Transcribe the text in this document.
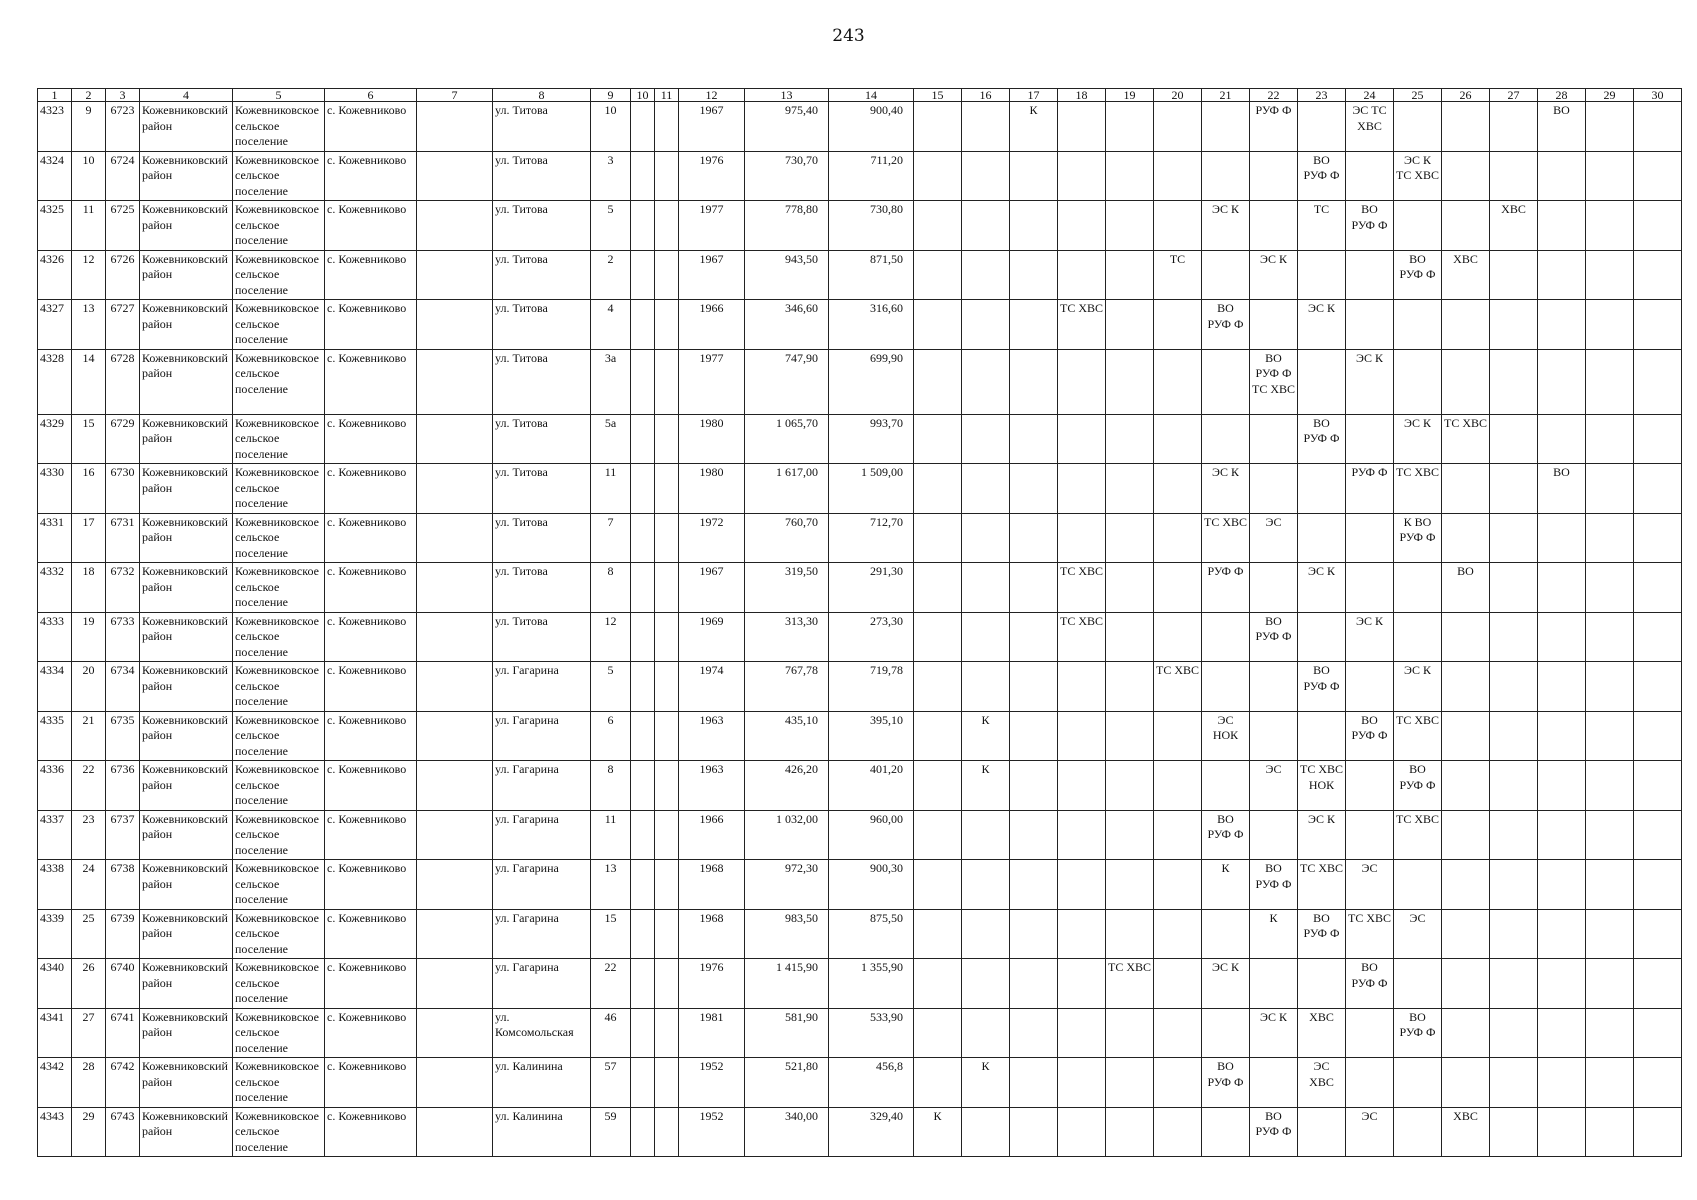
243
1	2	3	4	5	6	7	8	9	10	11	12	13	14	15	16	17	18	19	20	21	22	23	24	25	26	27	28	29	30
4323	9	6723	Кожевниковский район	Кожевниковское сельское поселение	с. Кожевниково		ул. Титова	10			1967	975,40	900,40			К					РУФ Ф		ЭС ТС ХВС				ВО		
4324	10	6724	Кожевниковский район	Кожевниковское сельское поселение	с. Кожевниково		ул. Титова	3			1976	730,70	711,20									ВО РУФ Ф		ЭС К ТС ХВС					
4325	11	6725	Кожевниковский район	Кожевниковское сельское поселение	с. Кожевниково		ул. Титова	5			1977	778,80	730,80							ЭС К		ТС	ВО РУФ Ф			ХВС			
4326	12	6726	Кожевниковский район	Кожевниковское сельское поселение	с. Кожевниково		ул. Титова	2			1967	943,50	871,50						ТС		ЭС К			ВО РУФ Ф	ХВС				
4327	13	6727	Кожевниковский район	Кожевниковское сельское поселение	с. Кожевниково		ул. Титова	4			1966	346,60	316,60				ТС ХВС			ВО РУФ Ф		ЭС К							
4328	14	6728	Кожевниковский район	Кожевниковское сельское поселение	с. Кожевниково		ул. Титова	3а			1977	747,90	699,90								ВО РУФ Ф ТС ХВС		ЭС К						
4329	15	6729	Кожевниковский район	Кожевниковское сельское поселение	с. Кожевниково		ул. Титова	5а			1980	1 065,70	993,70									ВО РУФ Ф		ЭС К	ТС ХВС				
4330	16	6730	Кожевниковский район	Кожевниковское сельское поселение	с. Кожевниково		ул. Титова	11			1980	1 617,00	1 509,00							ЭС К			РУФ Ф	ТС ХВС			ВО		
4331	17	6731	Кожевниковский район	Кожевниковское сельское поселение	с. Кожевниково		ул. Титова	7			1972	760,70	712,70							ТС ХВС	ЭС			К ВО РУФ Ф					
4332	18	6732	Кожевниковский район	Кожевниковское сельское поселение	с. Кожевниково		ул. Титова	8			1967	319,50	291,30				ТС ХВС			РУФ Ф		ЭС К			ВО				
4333	19	6733	Кожевниковский район	Кожевниковское сельское поселение	с. Кожевниково		ул. Титова	12			1969	313,30	273,30				ТС ХВС				ВО РУФ Ф		ЭС К						
4334	20	6734	Кожевниковский район	Кожевниковское сельское поселение	с. Кожевниково		ул. Гагарина	5			1974	767,78	719,78						ТС ХВС			ВО РУФ Ф		ЭС К					
4335	21	6735	Кожевниковский район	Кожевниковское сельское поселение	с. Кожевниково		ул. Гагарина	6			1963	435,10	395,10		К					ЭС НОК			ВО РУФ Ф	ТС ХВС					
4336	22	6736	Кожевниковский район	Кожевниковское сельское поселение	с. Кожевниково		ул. Гагарина	8			1963	426,20	401,20		К						ЭС	ТС ХВС НОК		ВО РУФ Ф					
4337	23	6737	Кожевниковский район	Кожевниковское сельское поселение	с. Кожевниково		ул. Гагарина	11			1966	1 032,00	960,00							ВО РУФ Ф		ЭС К		ТС ХВС					
4338	24	6738	Кожевниковский район	Кожевниковское сельское поселение	с. Кожевниково		ул. Гагарина	13			1968	972,30	900,30							К	ВО РУФ Ф	ТС ХВС	ЭС						
4339	25	6739	Кожевниковский район	Кожевниковское сельское поселение	с. Кожевниково		ул. Гагарина	15			1968	983,50	875,50								К	ВО РУФ Ф	ТС ХВС	ЭС					
4340	26	6740	Кожевниковский район	Кожевниковское сельское поселение	с. Кожевниково		ул. Гагарина	22			1976	1 415,90	1 355,90					ТС ХВС		ЭС К			ВО РУФ Ф						
4341	27	6741	Кожевниковский район	Кожевниковское сельское поселение	с. Кожевниково		ул. Комсомольская	46			1981	581,90	533,90								ЭС К	ХВС		ВО РУФ Ф					
4342	28	6742	Кожевниковский район	Кожевниковское сельское поселение	с. Кожевниково		ул. Калинина	57			1952	521,80	456,8		К					ВО РУФ Ф		ЭС ХВС							
4343	29	6743	Кожевниковский район	Кожевниковское сельское поселение	с. Кожевниково		ул. Калинина	59			1952	340,00	329,40	К							ВО РУФ Ф		ЭС		ХВС				
